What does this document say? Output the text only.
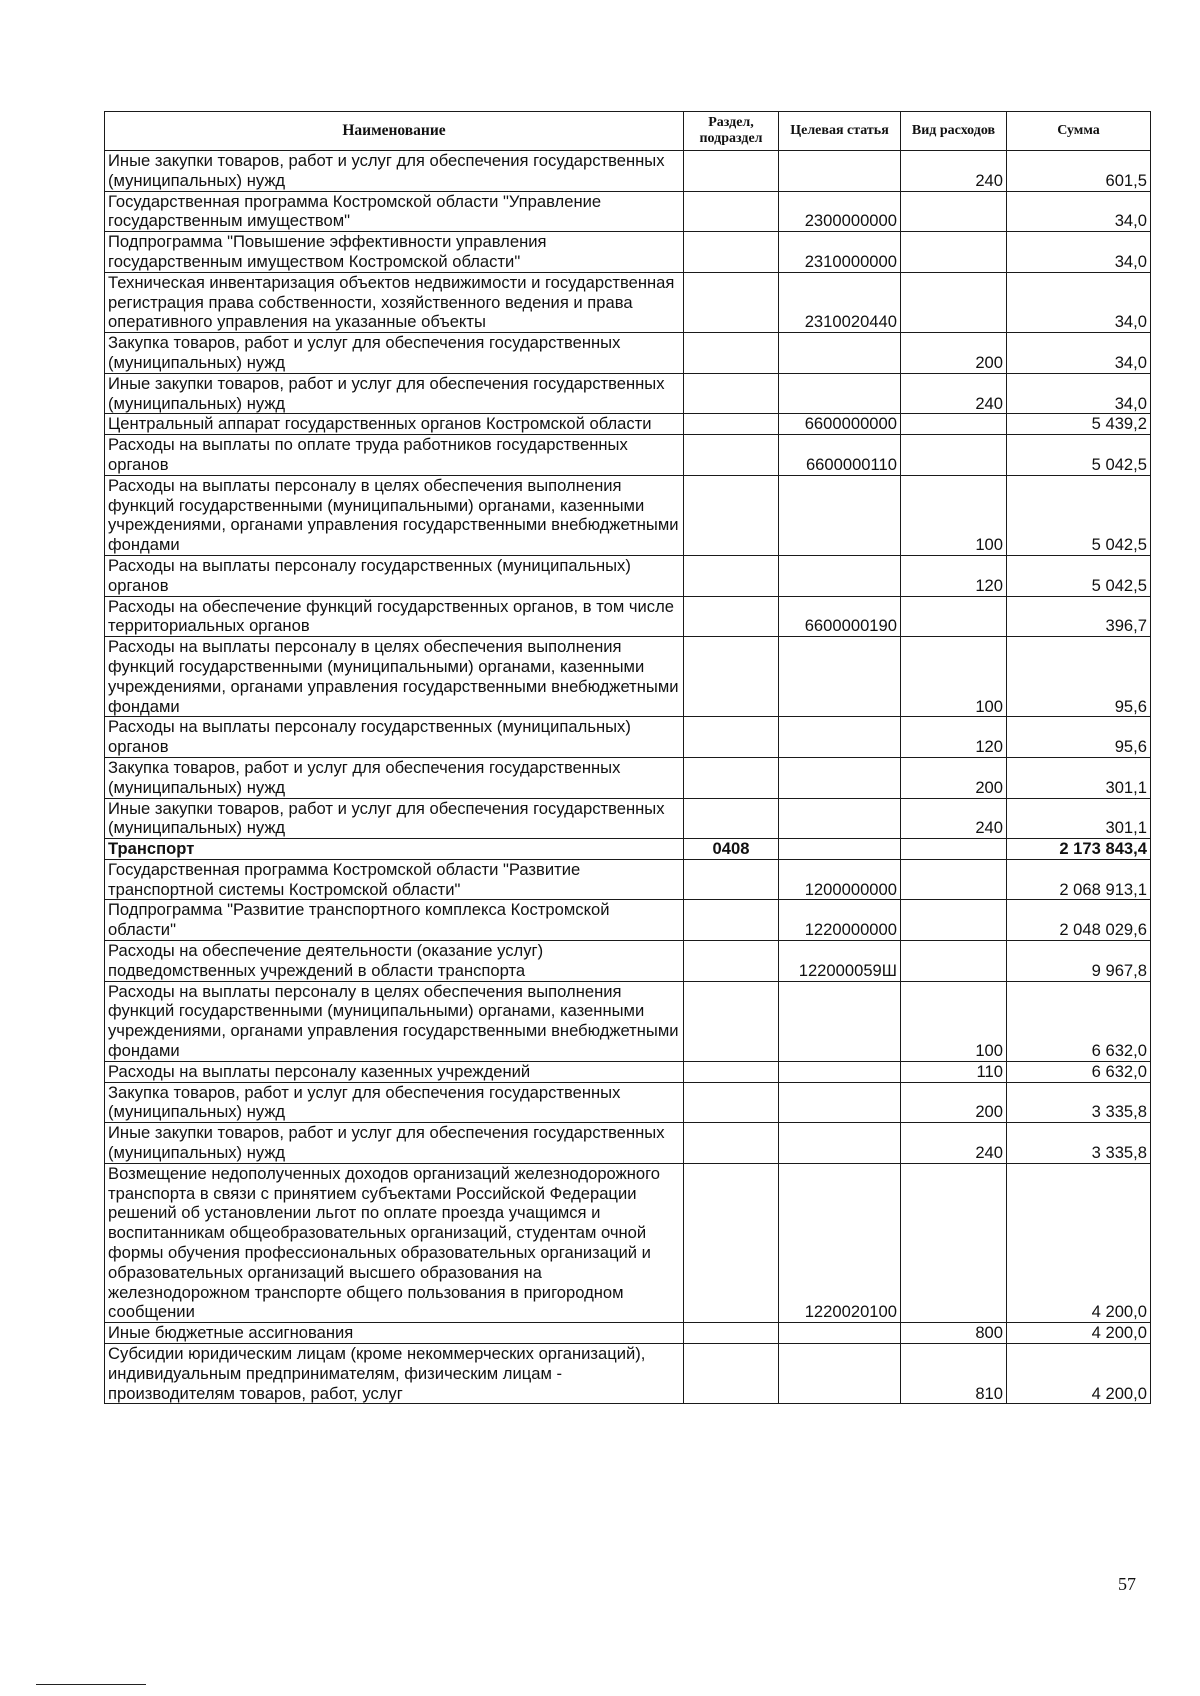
Наименование	Раздел, подраздел	Целевая статья	Вид расходов	Сумма
Иные закупки товаров, работ и услуг для обеспечения государственных (муниципальных) нужд			240	601,5
Государственная программа Костромской области "Управление государственным имуществом"		2300000000		34,0
Подпрограмма "Повышение эффективности управления государственным имуществом Костромской области"		2310000000		34,0
Техническая инвентаризация объектов недвижимости и государственная регистрация права собственности, хозяйственного ведения и права оперативного управления на указанные объекты		2310020440		34,0
Закупка товаров, работ и услуг для обеспечения государственных (муниципальных) нужд			200	34,0
Иные закупки товаров, работ и услуг для обеспечения государственных (муниципальных) нужд			240	34,0
Центральный аппарат государственных органов Костромской области		6600000000		5 439,2
Расходы на выплаты по оплате труда работников государственных органов		6600000110		5 042,5
Расходы на выплаты персоналу в целях обеспечения выполнения функций государственными (муниципальными) органами, казенными учреждениями, органами управления государственными внебюджетными фондами			100	5 042,5
Расходы на выплаты персоналу государственных (муниципальных) органов			120	5 042,5
Расходы на обеспечение функций государственных органов, в том числе территориальных органов		6600000190		396,7
Расходы на выплаты персоналу в целях обеспечения выполнения функций государственными (муниципальными) органами, казенными учреждениями, органами управления государственными внебюджетными фондами			100	95,6
Расходы на выплаты персоналу государственных (муниципальных) органов			120	95,6
Закупка товаров, работ и услуг для обеспечения государственных (муниципальных) нужд			200	301,1
Иные закупки товаров, работ и услуг для обеспечения государственных (муниципальных) нужд			240	301,1
Транспорт	0408			2 173 843,4
Государственная программа Костромской области "Развитие транспортной системы Костромской области"		1200000000		2 068 913,1
Подпрограмма "Развитие транспортного комплекса Костромской области"		1220000000		2 048 029,6
Расходы на обеспечение деятельности (оказание услуг) подведомственных учреждений в области транспорта		122000059Ш		9 967,8
Расходы на выплаты персоналу в целях обеспечения выполнения функций государственными (муниципальными) органами, казенными учреждениями, органами управления государственными внебюджетными фондами			100	6 632,0
Расходы на выплаты персоналу казенных учреждений			110	6 632,0
Закупка товаров, работ и услуг для обеспечения государственных (муниципальных) нужд			200	3 335,8
Иные закупки товаров, работ и услуг для обеспечения государственных (муниципальных) нужд			240	3 335,8
Возмещение недополученных доходов организаций железнодорожного транспорта в связи с принятием субъектами Российской Федерации решений об установлении льгот по оплате проезда учащимся и воспитанникам общеобразовательных организаций, студентам очной формы обучения профессиональных образовательных организаций и образовательных организаций высшего образования на железнодорожном транспорте общего пользования в пригородном сообщении		1220020100		4 200,0
Иные бюджетные ассигнования			800	4 200,0
Субсидии юридическим лицам (кроме некоммерческих организаций), индивидуальным предпринимателям, физическим лицам - производителям товаров, работ, услуг			810	4 200,0
57
